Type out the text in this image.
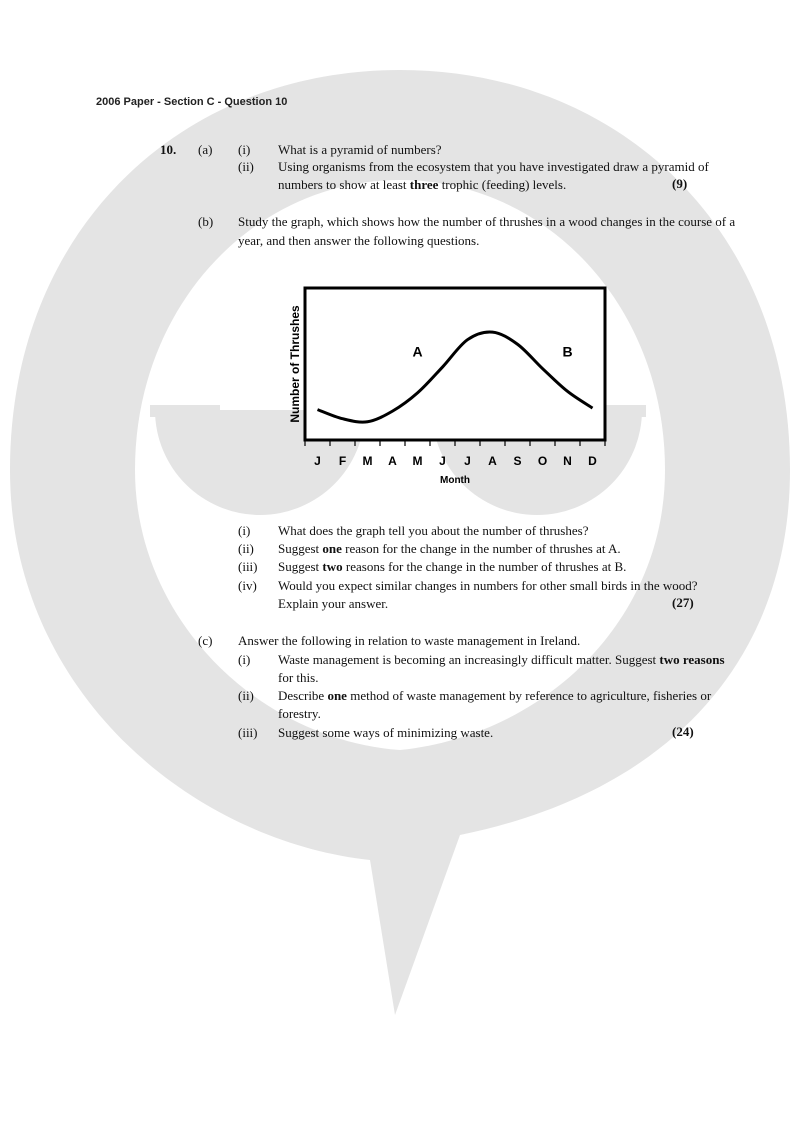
2006 Paper - Section C - Question 10
10. (a) (i) What is a pyramid of numbers?
(ii) Using organisms from the ecosystem that you have investigated draw a pyramid of
numbers to show at least three trophic (feeding) levels.	(9)
(b) Study the graph, which shows how the number of thrushes in a wood changes in the course of a
year, and then answer the following questions.
J F M A M J J A S O N D
A	B
Month
Number of Thrushes
(i) What does the graph tell you about the number of thrushes?
(ii) Suggest one reason for the change in the number of thrushes at A.
(iii) Suggest two reasons for the change in the number of thrushes at B.
(iv) Would you expect similar changes in numbers for other small birds in the wood?
Explain your answer.	(27)
(c) Answer the following in relation to waste management in Ireland.
(i) Waste management is becoming an increasingly difficult matter. Suggest two reasons
for this.
(ii) Describe one method of waste management by reference to agriculture, fisheries or
forestry.
(iii) Suggest some ways of minimizing waste.	(24)
